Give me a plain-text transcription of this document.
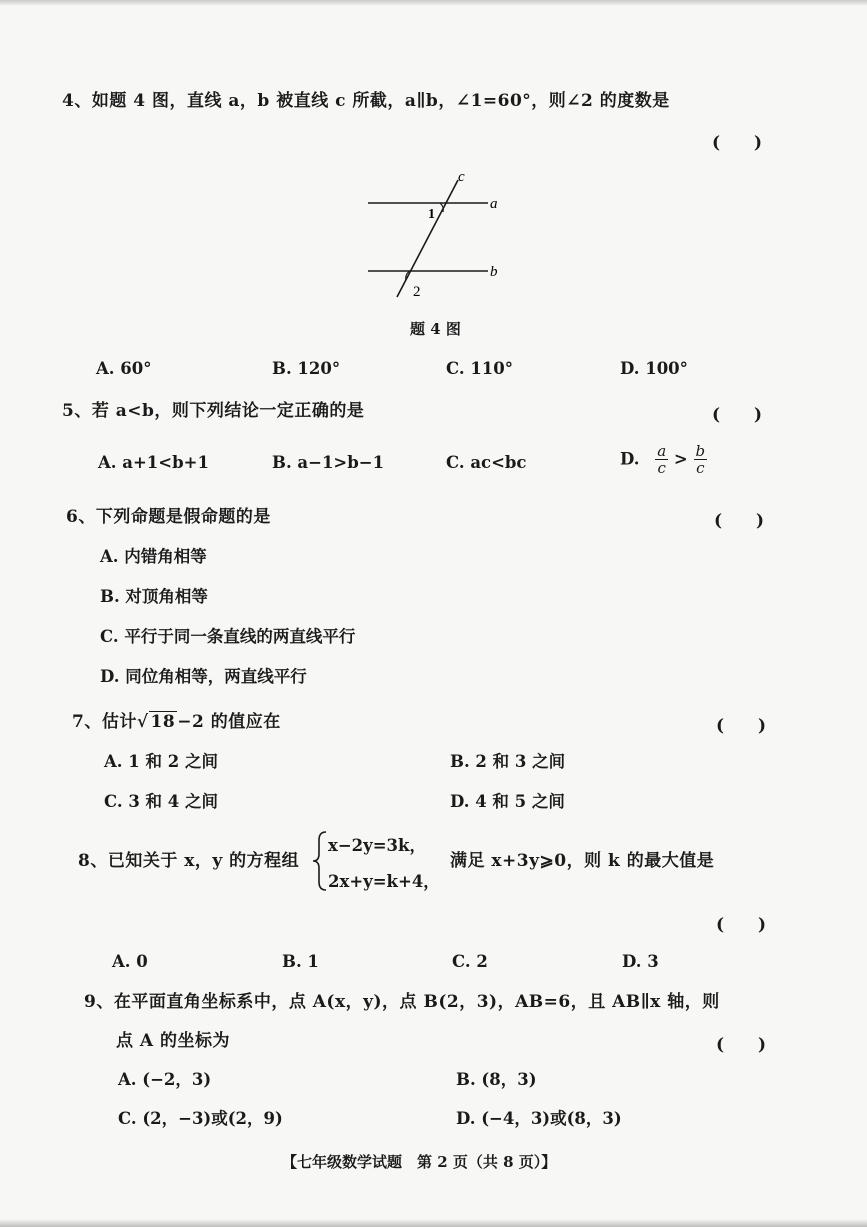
4、如题 4 图，直线 a，b 被直线 c 所截，a∥b，∠1=60°，则∠2 的度数是
(　　)
c
a
b
1
2
题 4 图
A. 60°	B. 120°	C. 110°	D. 100°
5、若 a<b，则下列结论一定正确的是	(　　)
A. a+1<b+1	B. a−1>b−1	C. ac<bc	D. $\frac{a}{c} > \frac{b}{c}$
6、下列命题是假命题的是	(　　)
A. 内错角相等
B. 对顶角相等
C. 平行于同一条直线的两直线平行
D. 同位角相等，两直线平行
7、估计√ 18 −2 的值应在	(　　)
A. 1 和 2 之间	B. 2 和 3 之间
C. 3 和 4 之间	D. 4 和 5 之间
8、已知关于 x，y 的方程组
x−2y=3k，
2x+y=k+4，
满足 x+3y⩾0，则 k 的最大值是
(　　)
A. 0	B. 1	C. 2	D. 3
9、在平面直角坐标系中，点 A(x，y)，点 B(2，3)，AB=6，且 AB∥x 轴，则
点 A 的坐标为	(　　)
A. (−2，3)	B. (8，3)
C. (2，−3)或(2，9)	D. (−4，3)或(8，3)
【七年级数学试题　第 2 页（共 8 页）】
